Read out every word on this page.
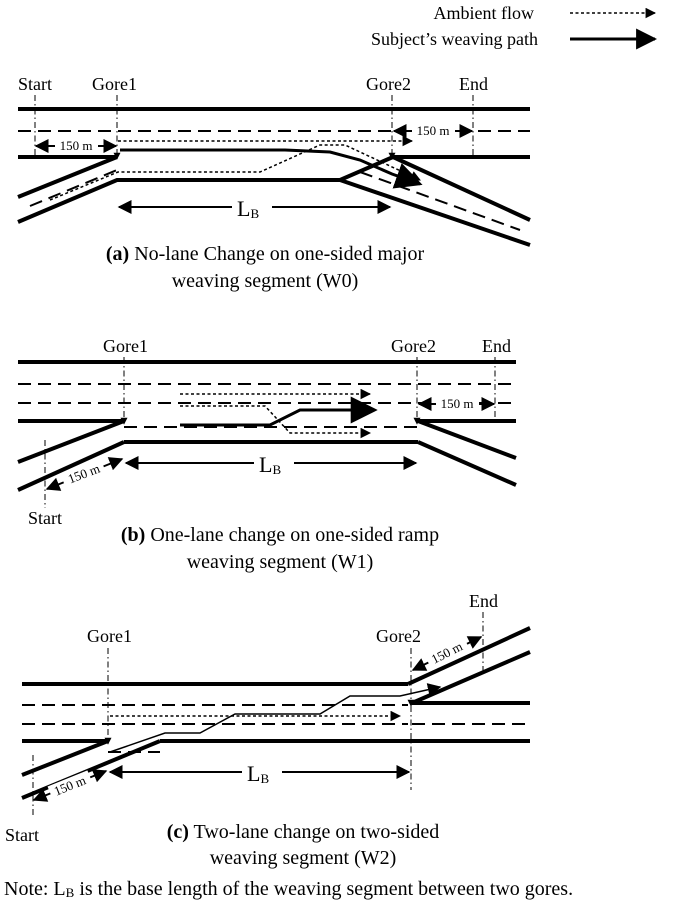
Ambient flow
Subject’s weaving path
Start Gore1	Gore2	End
150 m
150 m
LB
(a) No-lane Change on one-sided major
weaving segment (W0)
Gore1	Gore2	End
150 m
150 m
Start
LB
(b) One-lane change on one-sided ramp
weaving segment (W1)
End
Gore1	Gore2
150 m
150 m	LB
Start	(c) Two-lane change on two-sided
weaving segment (W2)
Note: LB is the base length of the weaving segment between two gores.
